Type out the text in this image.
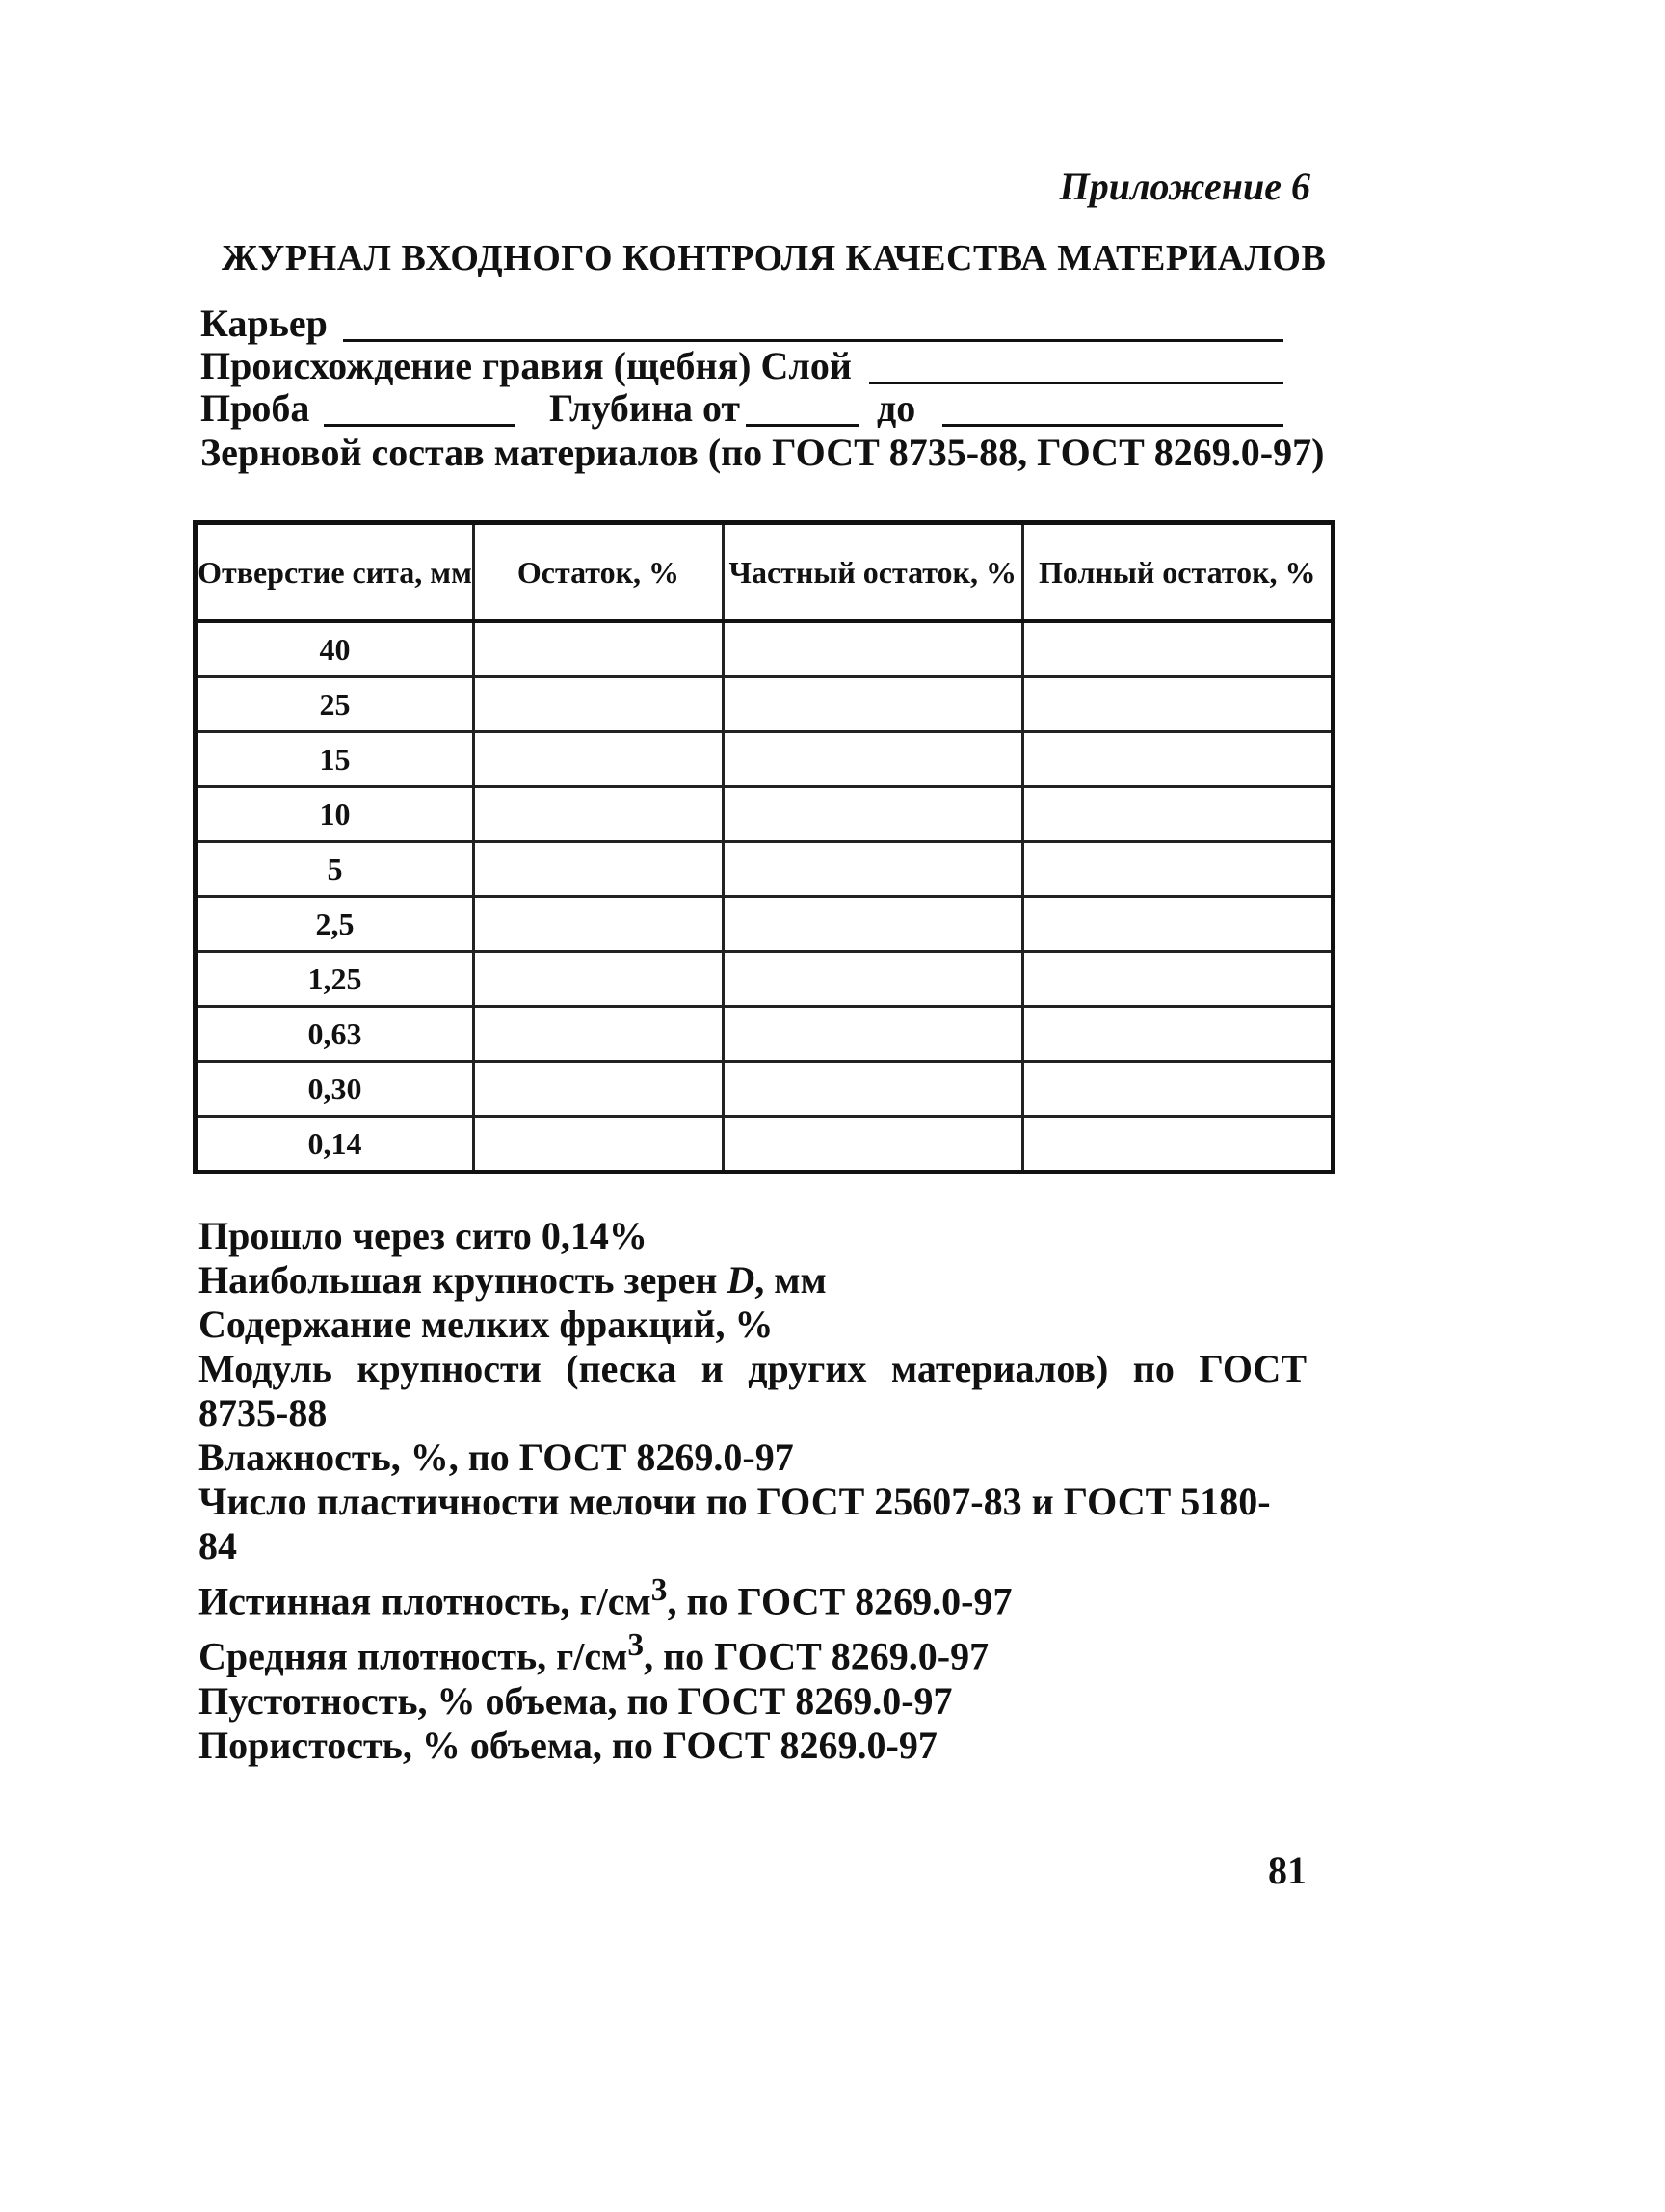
Приложение 6
ЖУРНАЛ ВХОДНОГО КОНТРОЛЯ КАЧЕСТВА МАТЕРИАЛОВ
Карьер
Происхождение гравия (щебня) Слой
Проба	Глубина от	до
Зерновой состав материалов (по ГОСТ 8735-88, ГОСТ 8269.0-97)
Отверстие сита, мм	Остаток, %	Частный остаток, %	Полный остаток, %
40			
25			
15			
10			
5			
2,5			
1,25			
0,63			
0,30			
0,14			
Прошло через сито 0,14%
Наибольшая крупность зерен D, мм
Содержание мелких фракций, %
Модуль крупности (песка и других материалов) по ГОСТ
8735-88
Влажность, %, по ГОСТ 8269.0-97
Число пластичности мелочи по ГОСТ 25607-83 и ГОСТ 5180-84
Истинная плотность, $г/см^3$, по ГОСТ 8269.0-97
Средняя плотность, $г/см^3$, по ГОСТ 8269.0-97
Пустотность, % объема, по ГОСТ 8269.0-97
Пористость, % объема, по ГОСТ 8269.0-97
81
